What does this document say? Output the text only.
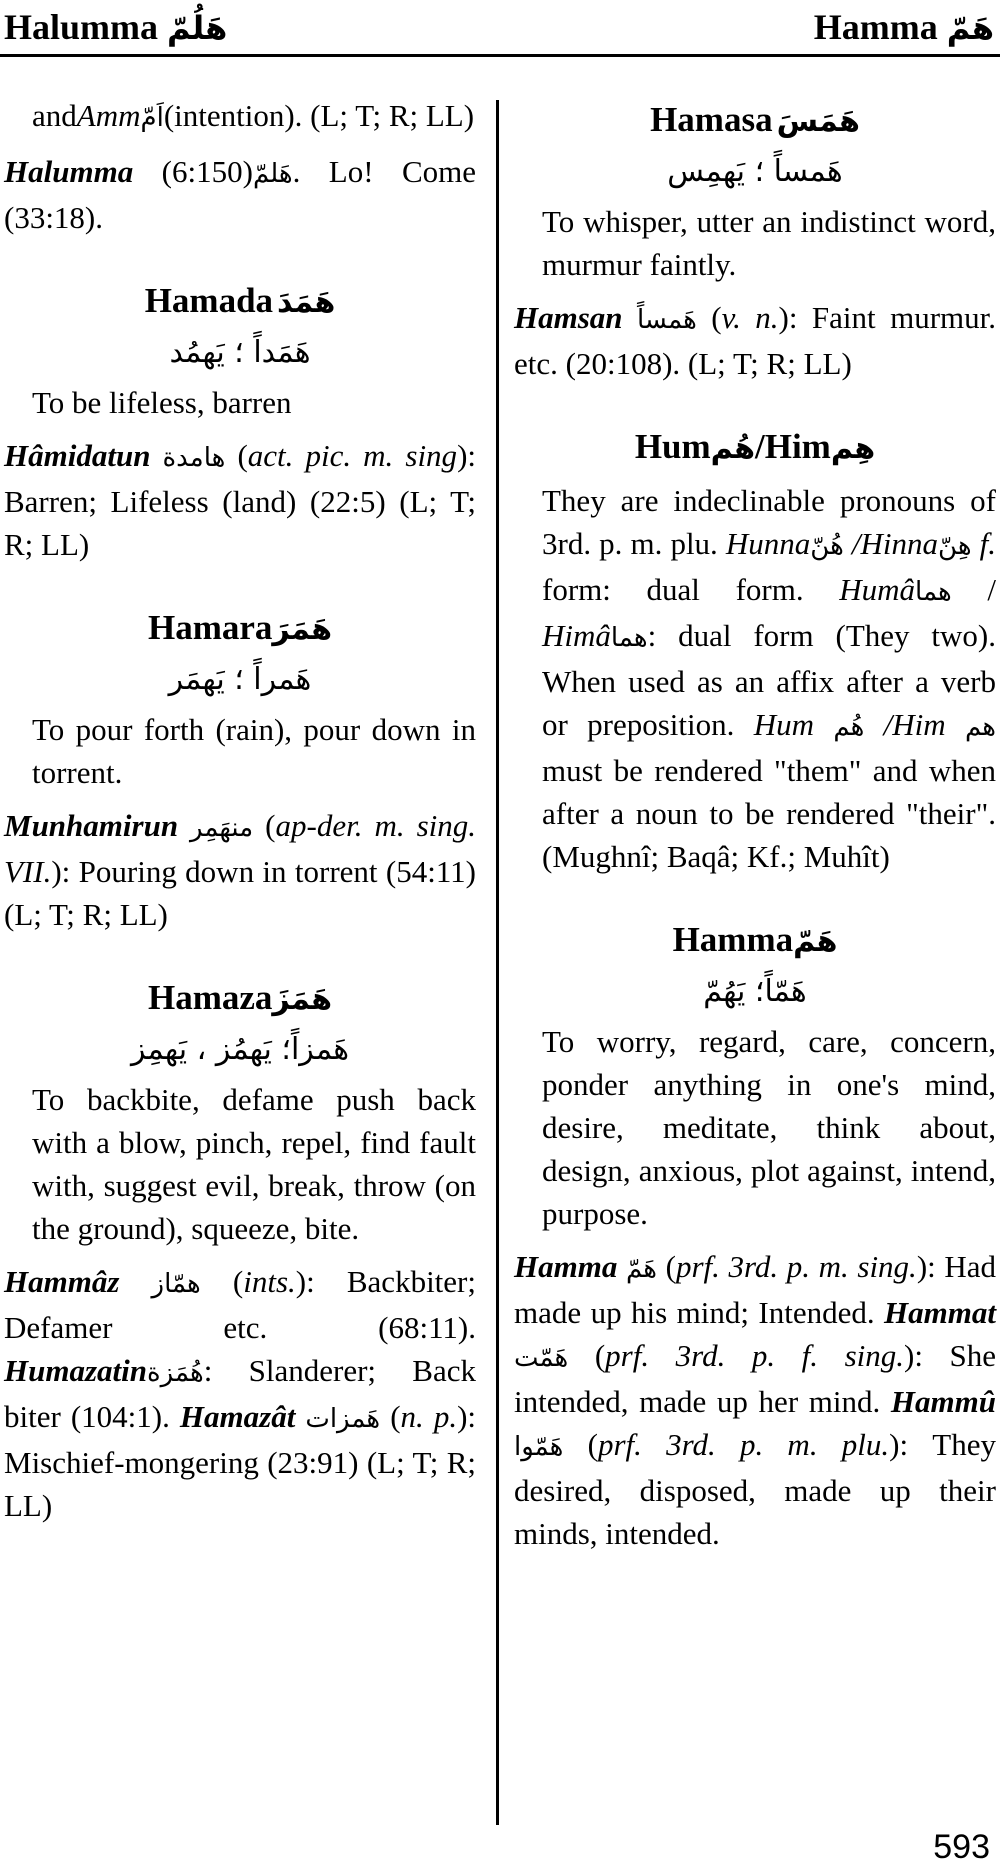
Halumma هَلُمّ	Hamma هَمّ

andAmmاَمّ(intention). (L; T; R; LL)

Halumma	هَلمّ(6:150). Lo! Come (33:18).

Hamada هَمَدَ
هَمَداً ؛ يَهمُد

To be lifeless, barren

Hâmidatun هامدة (act. pic. m. sing): Barren; Lifeless (land) (22:5) (L; T; R; LL)

Hamaraهَمَرَ
هَمراً ؛ يَهمَر

To pour forth (rain), pour down in torrent.

Munhamirun منهَمِر (ap-der. m. sing. VII.): Pouring down in torrent (54:11) (L; T; R; LL)

Hamazaهَمَزَ
هَمزاً؛ يَهمُز ، يَهمِز

To backbite, defame push back with a blow, pinch, repel, find fault with, suggest evil, break, throw (on the ground), squeeze, bite.

Hammâz همّاز (ints.): Backbiter; Defamer etc. (68:11). Humazatinهُمَزة: Slanderer; Back biter (104:1). Hamazât هَمزات (n. p.): Mischief-mongering (23:91) (L; T; R; LL)

Hamasa هَمَسَ
هَمساً ؛ يَهمِس

To whisper, utter an indistinct word, murmur faintly.

Hamsan هَمساً (v. n.): Faint murmur. etc. (20:108). (L; T; R; LL)

Humهُم/Himهِم

They are indeclinable pronouns of 3rd. p. m. plu. Hunnaهُنّ /Hinnaهِنّ f. form: dual form. Humâهما / Himâهما: dual form (They two). When used as an affix after a verb or preposition. Hum هُم /Him هم must be rendered "them" and when after a noun to be rendered "their". (Mughnî; Baqâ; Kf.; Muhît)

Hammaهَمّ
هَمّاً؛ يَهُمّ

To worry, regard, care, concern, ponder anything in one's mind, desire, meditate, think about, design, anxious, plot against, intend, purpose.

Hamma هَمّ (prf. 3rd. p. m. sing.): Had made up his mind; Intended. Hammat هَمّت (prf. 3rd. p. f. sing.): She intended, made up her mind. Hammû هَمّوا (prf. 3rd. p. m. plu.): They desired, disposed, made up their minds, intended.

593
